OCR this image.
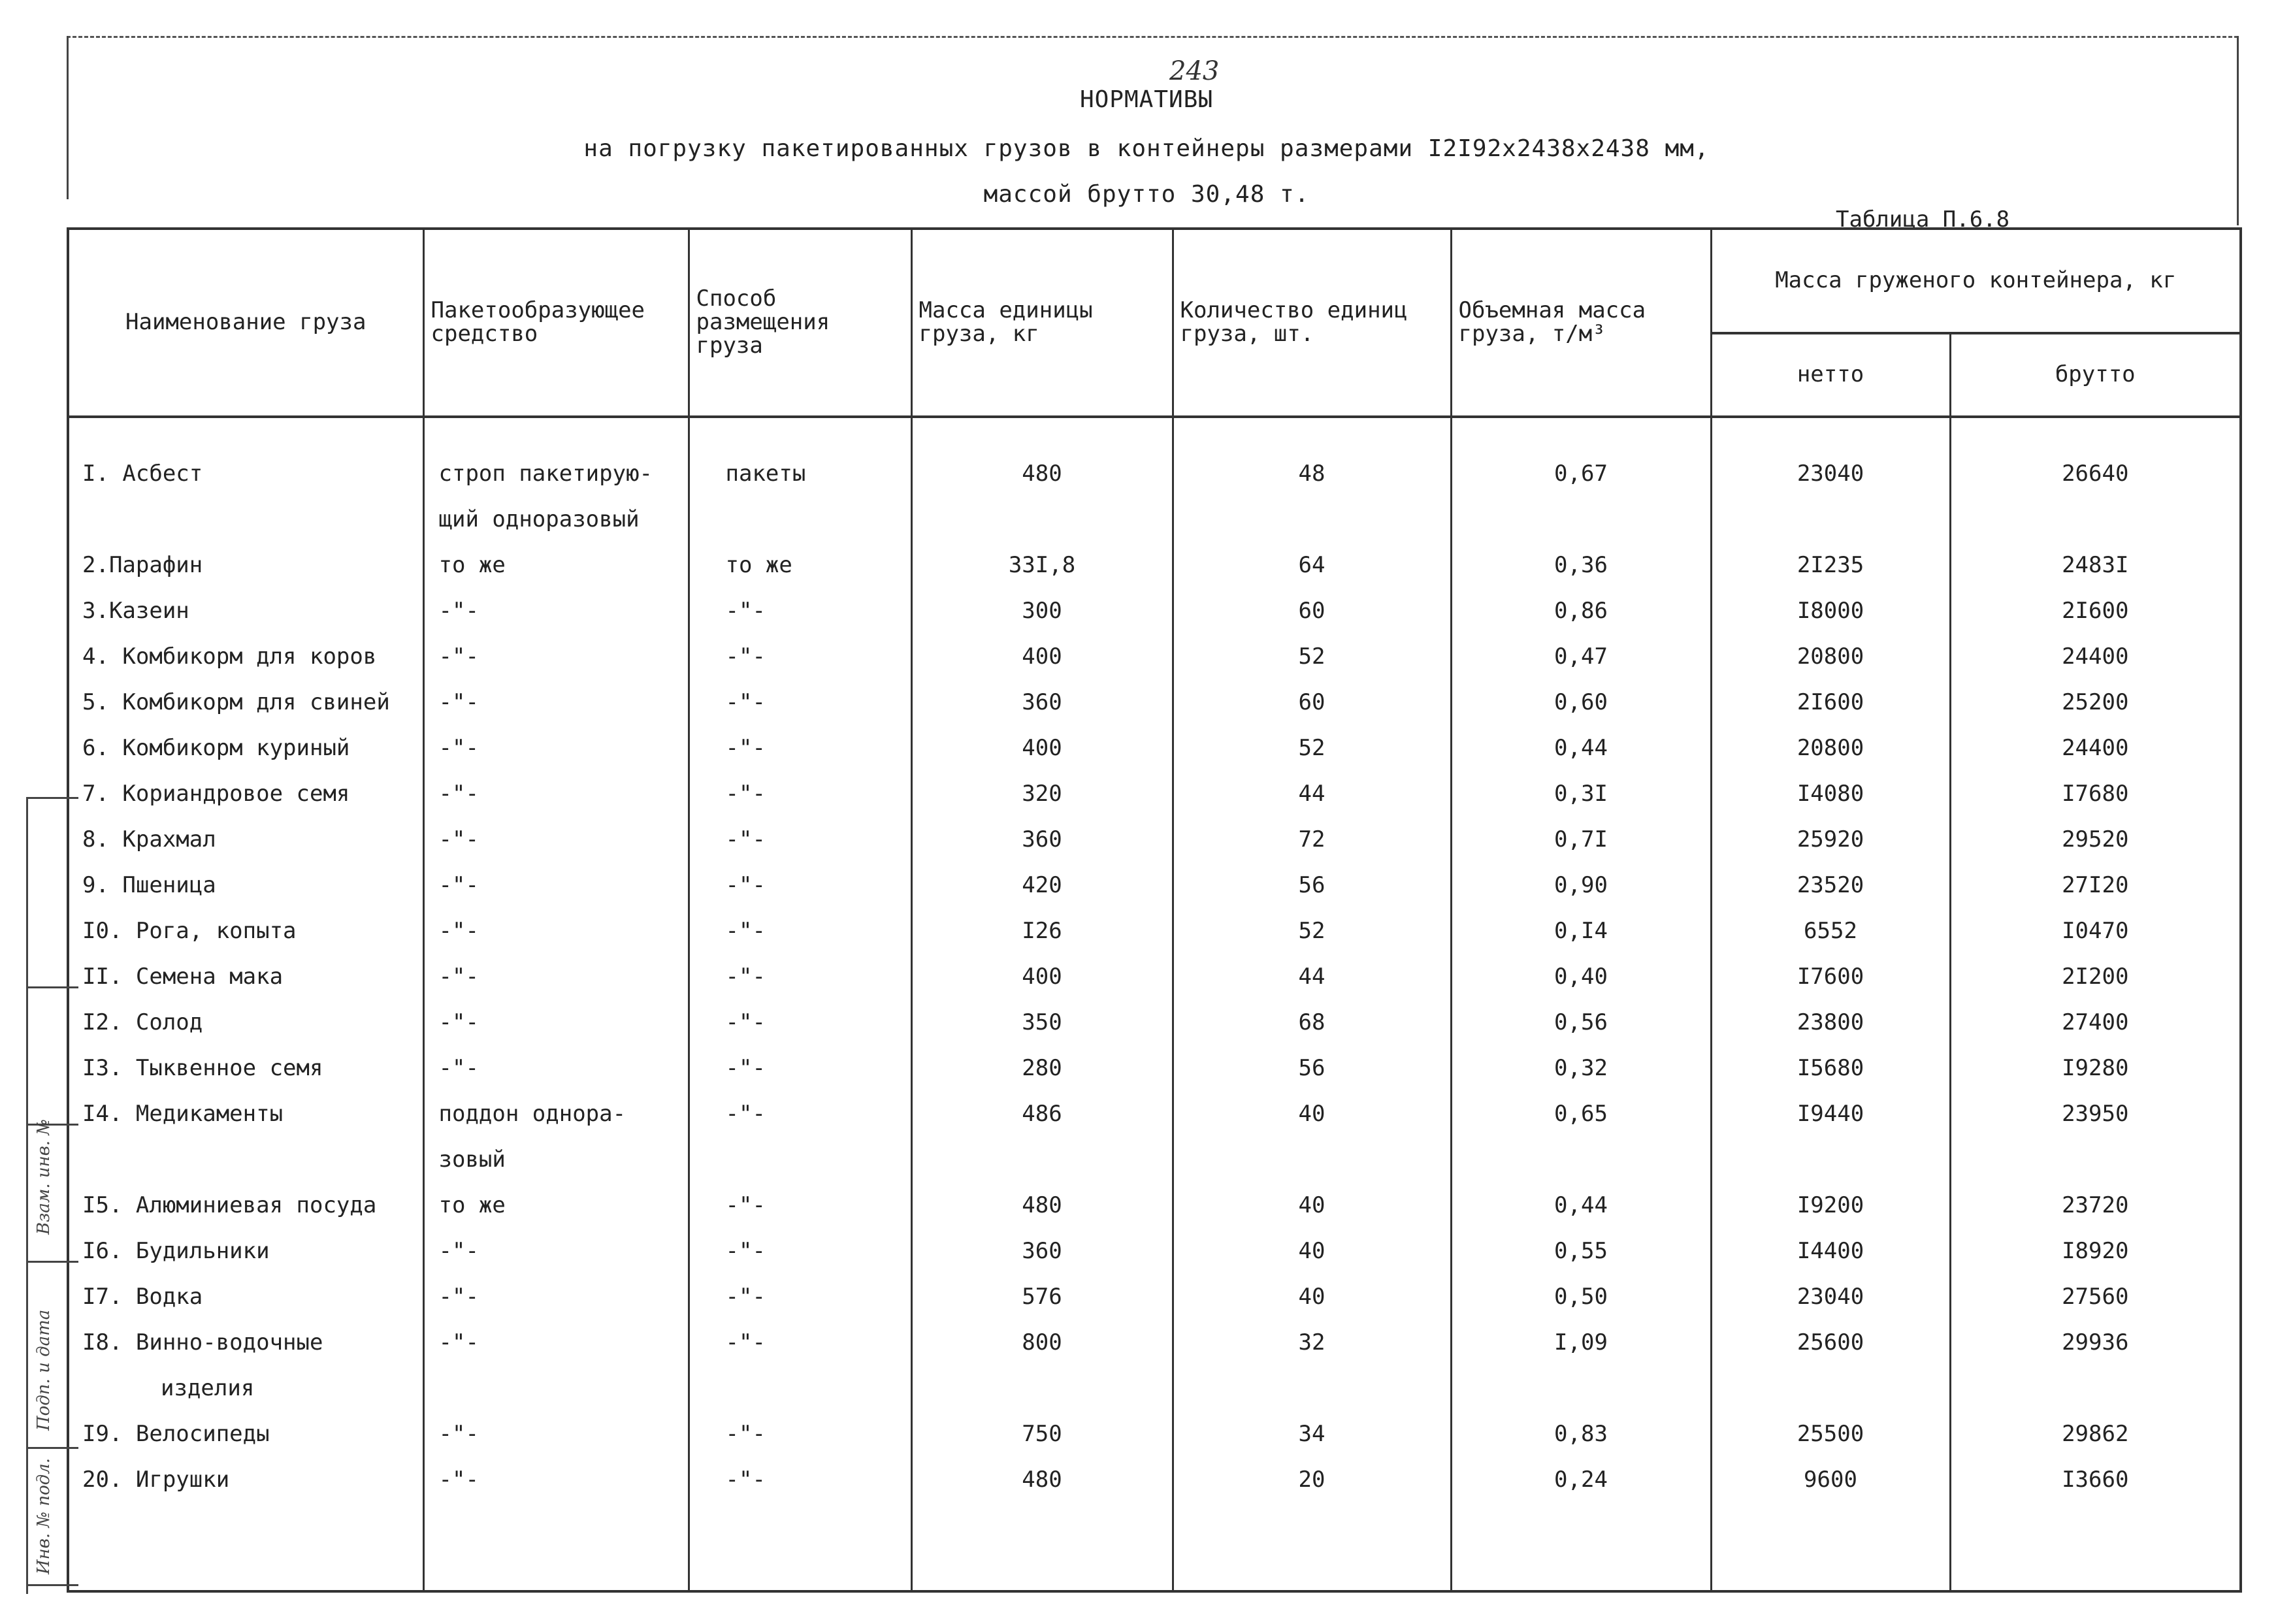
243
НОРМАТИВЫ
на погрузку пакетированных грузов в контейнеры размерами I2I92x2438x2438 мм,
массой брутто 30,48 т.
Таблица П.6.8
Наименование груза	Пакетообразующее средство	Способ размещения груза	Масса единицы груза, кг	Количество единиц груза, шт.	Объемная масса груза, т/м³	Масса груженого контейнера, кг	
						нетто	брутто
I. Асбест	строп пакетирую-	пакеты	480	48	0,67	23040	26640
	щий одноразовый						
2.Парафин	то же	то же	33I,8	64	0,36	2I235	2483I
3.Казеин	-"-	-"-	300	60	0,86	I8000	2I600
4. Комбикорм для коров	-"-	-"-	400	52	0,47	20800	24400
5. Комбикорм для свиней	-"-	-"-	360	60	0,60	2I600	25200
6. Комбикорм куриный	-"-	-"-	400	52	0,44	20800	24400
7. Кориандровое семя	-"-	-"-	320	44	0,3I	I4080	I7680
8. Крахмал	-"-	-"-	360	72	0,7I	25920	29520
9. Пшеница	-"-	-"-	420	56	0,90	23520	27I20
I0. Рога, копыта	-"-	-"-	I26	52	0,I4	6552	I0470
II. Семена мака	-"-	-"-	400	44	0,40	I7600	2I200
I2. Солод	-"-	-"-	350	68	0,56	23800	27400
I3. Тыквенное семя	-"-	-"-	280	56	0,32	I5680	I9280
I4. Медикаменты	поддон однора-	-"-	486	40	0,65	I9440	23950
	зовый						
I5. Алюминиевая посуда	то же	-"-	480	40	0,44	I9200	23720
I6. Будильники	-"-	-"-	360	40	0,55	I4400	I8920
I7. Водка	-"-	-"-	576	40	0,50	23040	27560
I8. Винно-водочные	-"-	-"-	800	32	I,09	25600	29936
изделия							
I9. Велосипеды	-"-	-"-	750	34	0,83	25500	29862
20. Игрушки	-"-	-"-	480	20	0,24	9600	I3660

Взам. инв. №
Подп. и дата
Инв. № подл.
